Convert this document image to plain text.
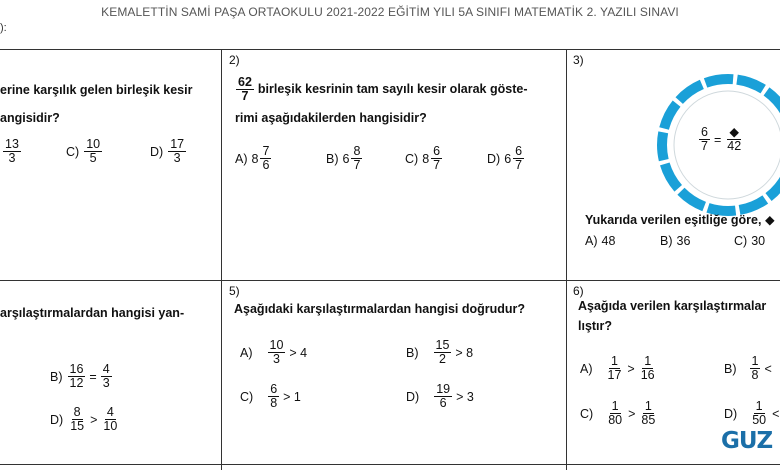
KEMALETTİN SAMİ PAŞA ORTAOKULU 2021-2022 EĞİTİM YILI 5A SINIFI MATEMATİK 2. YAZILI SINAVI
):
erine karşılık gelen birleşik kesir
angisidir?
$\frac{13}{3}$	$C) \frac{10}{5}$	$D) \frac{17}{3}$
2)
$\frac{62}{7}$ birleşik kesrinin tam sayılı kesir olarak göste-
rimi aşağıdakilerden hangisidir?
A) $8 \frac{7}{6}$	B) $6 \frac{8}{7}$	C) $8 \frac{6}{7}$	D) $6 \frac{6}{7}$
3)
$\frac{6}{7} = \frac{◆}{42}$
Yukarıda verilen eşitliğe göre, ◆
A) 48	B) 36	C) 30
arşılaştırmalardan hangisi yan-
$B) \frac{16}{12} = \frac{4}{3}$
$D) \frac{8}{15} > \frac{4}{10}$
5)
Aşağıdaki karşılaştırmalardan hangisi doğrudur?
$A) \frac{10}{3} > 4$	$B) \frac{15}{2} > 8$
$C) \frac{6}{8} > 1$	$D) \frac{19}{6} > 3$
6)
Aşağıda verilen karşılaştırmalar
lıştır?
$A) \frac{1}{17} > \frac{1}{16}$	$B) \frac{1}{8}$ <
$C) \frac{1}{80} > \frac{1}{85}$	$D) \frac{1}{50}$ <
GUZ
